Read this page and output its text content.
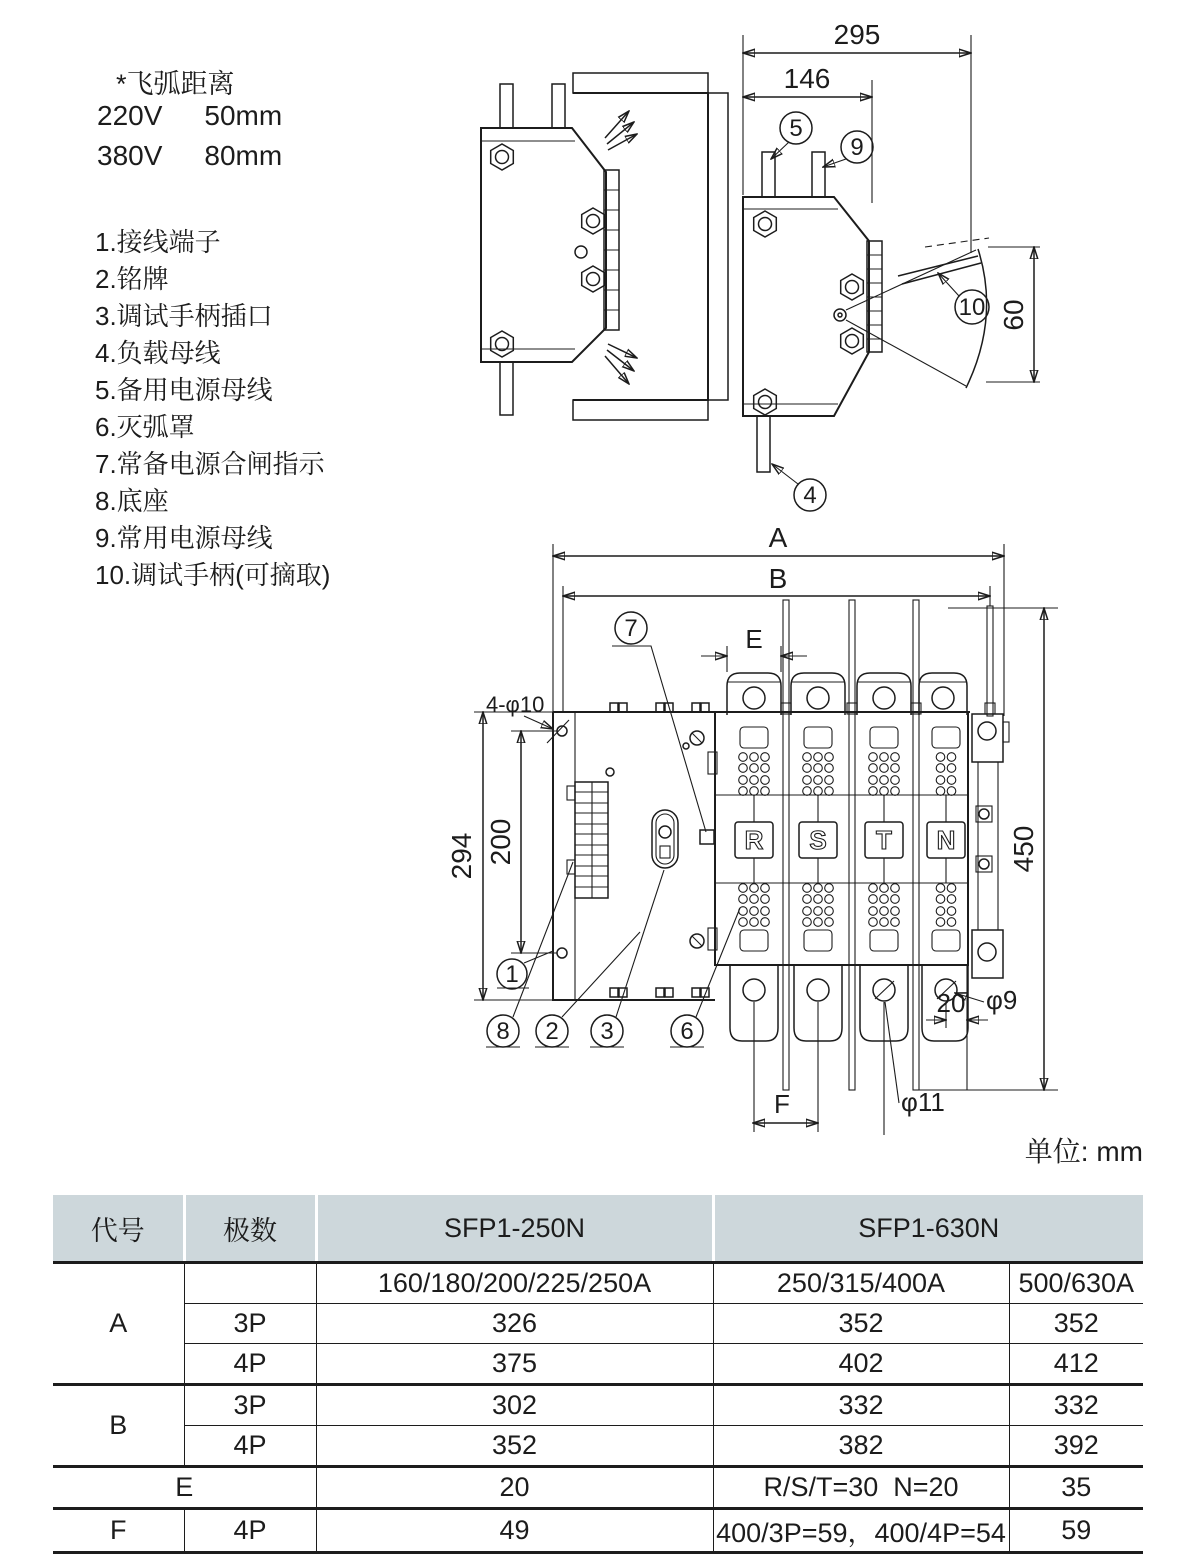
*飞弧距离
220V 50mm
380V 80mm
1.接线端子
2.铭牌
3.调试手柄插口
4.负载母线
5.备用电源母线
6.灭弧罩
7.常备电源合闸指示
8.底座
9.常用电源母线
10.调试手柄(可摘取)
295
146
5
9
10 60
4
A
B
E
450
4-φ10
294 200
7
R S T N
F
20 φ9
φ11
1
8 2 3	6
单位: mm
代号	极数	SFP1-250N	SFP1-630N	
A		160/180/200/225/250A	250/315/400A	500/630A
	3P	326	352	352
	4P	375	402	412
B	3P	302	332	332
	4P	352	382	392
E		20	R/S/T=30  N=20	35
F	4P	49	400/3P=59，400/4P=54	59
